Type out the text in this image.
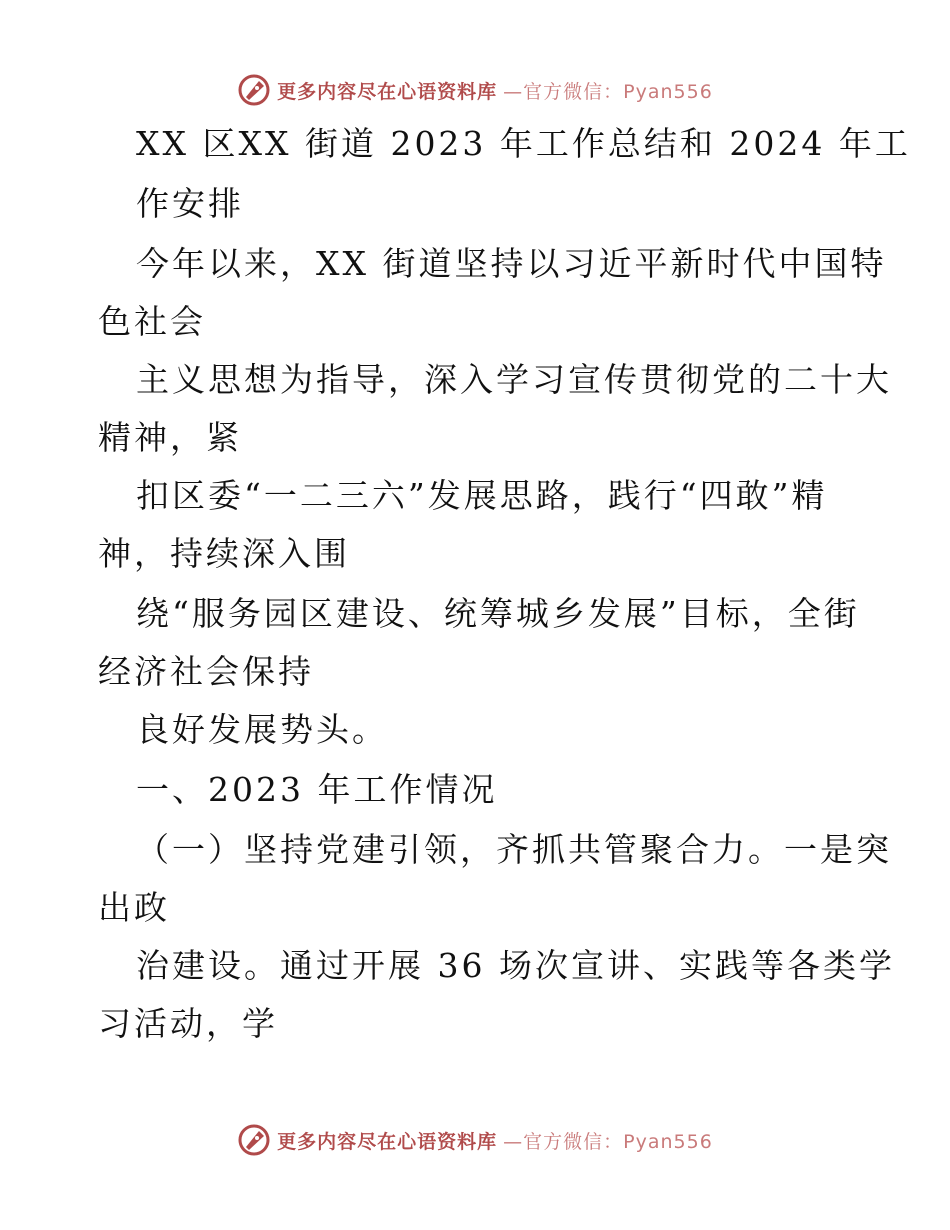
更多内容尽在心语资料库 —官方微信：Pyan556
XX 区XX 街道 2023 年工作总结和 2024 年工
作安排
今年以来，XX 街道坚持以习近平新时代中国特
色社会
主义思想为指导，深入学习宣传贯彻党的二十大
精神，紧
扣区委“一二三六”发展思路，践行“四敢”精
神，持续深入围
绕“服务园区建设、统筹城乡发展”目标，全街
经济社会保持
良好发展势头。
一、2023 年工作情况
（一）坚持党建引领，齐抓共管聚合力。一是突
出政
治建设。通过开展 36 场次宣讲、实践等各类学
习活动，学
更多内容尽在心语资料库 —官方微信：Pyan556
